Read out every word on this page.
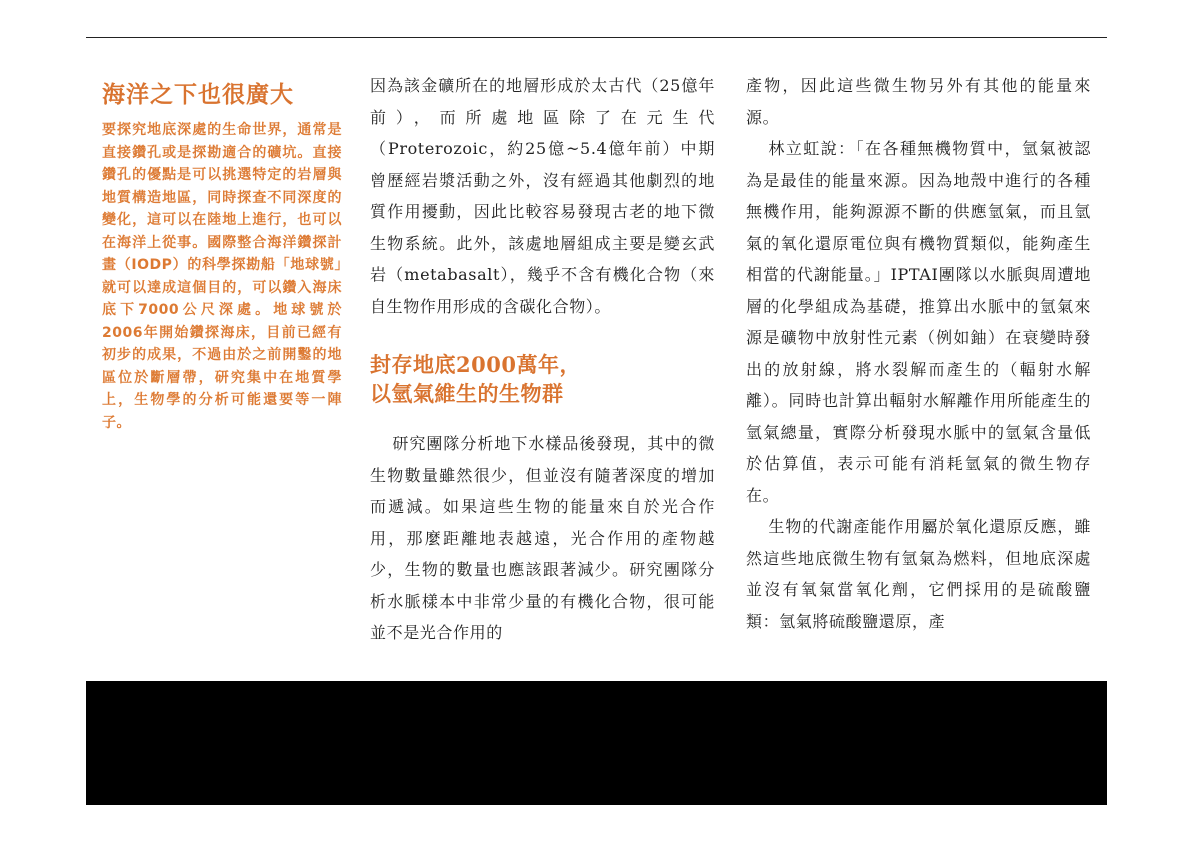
海洋之下也很廣大

要探究地底深處的生命世界，通常是直接鑽孔或是探勘適合的礦坑。直接鑽孔的優點是可以挑選特定的岩層與地質構造地區，同時探查不同深度的變化，這可以在陸地上進行，也可以在海洋上從事。國際整合海洋鑽探計畫（IODP）的科學探勘船「地球號」就可以達成這個目的，可以鑽入海床底下7000公尺深處。地球號於2006年開始鑽探海床，目前已經有初步的成果，不過由於之前開鑿的地區位於斷層帶，研究集中在地質學上，生物學的分析可能還要等一陣子。

因為該金礦所在的地層形成於太古代（25億年前），而所處地區除了在元生代（Proterozoic，約25億~5.4億年前）中期曾歷經岩漿活動之外，沒有經過其他劇烈的地質作用擾動，因此比較容易發現古老的地下微生物系統。此外，該處地層組成主要是變玄武岩（metabasalt），幾乎不含有機化合物（來自生物作用形成的含碳化合物）。

封存地底2000萬年，
以氫氣維生的生物群

研究團隊分析地下水樣品後發現，其中的微生物數量雖然很少，但並沒有隨著深度的增加而遞減。如果這些生物的能量來自於光合作用，那麼距離地表越遠，光合作用的產物越少，生物的數量也應該跟著減少。研究團隊分析水脈樣本中非常少量的有機化合物，很可能並不是光合作用的

產物，因此這些微生物另外有其他的能量來源。

林立虹說：「在各種無機物質中，氫氣被認為是最佳的能量來源。因為地殼中進行的各種無機作用，能夠源源不斷的供應氫氣，而且氫氣的氧化還原電位與有機物質類似，能夠產生相當的代謝能量。」IPTAI團隊以水脈與周遭地層的化學組成為基礎，推算出水脈中的氫氣來源是礦物中放射性元素（例如鈾）在衰變時發出的放射線，將水裂解而產生的（輻射水解離）。同時也計算出輻射水解離作用所能產生的氫氣總量，實際分析發現水脈中的氫氣含量低於估算值，表示可能有消耗氫氣的微生物存在。

生物的代謝產能作用屬於氧化還原反應，雖然這些地底微生物有氫氣為燃料，但地底深處並沒有氧氣當氧化劑，它們採用的是硫酸鹽類：氫氣將硫酸鹽還原，產
